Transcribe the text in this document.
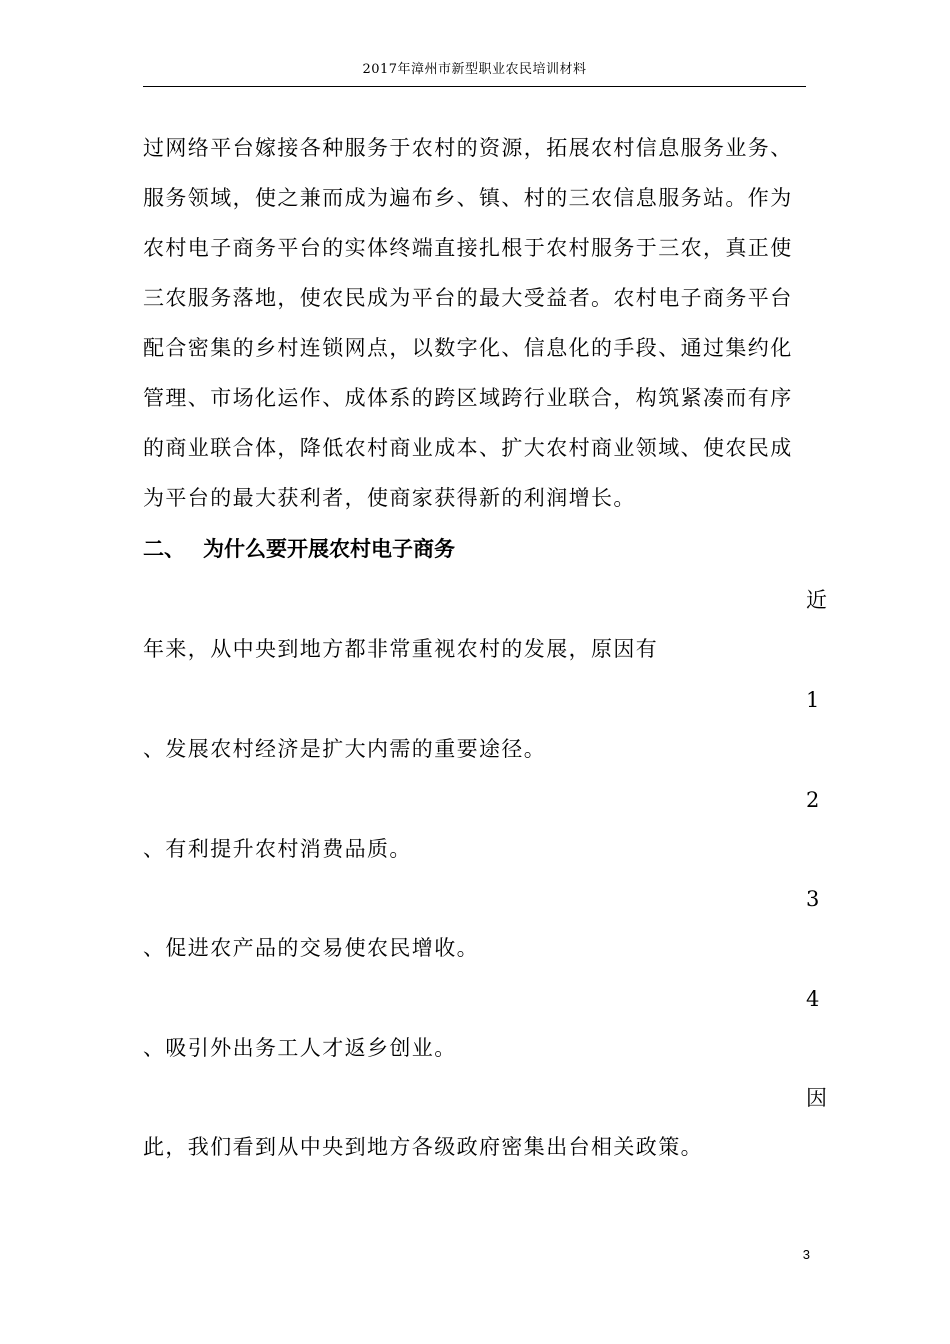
2017年漳州市新型职业农民培训材料
过网络平台嫁接各种服务于农村的资源，拓展农村信息服务业务、
服务领域，使之兼而成为遍布乡、镇、村的三农信息服务站。作为
农村电子商务平台的实体终端直接扎根于农村服务于三农，真正使
三农服务落地，使农民成为平台的最大受益者。农村电子商务平台
配合密集的乡村连锁网点，以数字化、信息化的手段、通过集约化
管理、市场化运作、成体系的跨区域跨行业联合，构筑紧凑而有序
的商业联合体，降低农村商业成本、扩大农村商业领域、使农民成
为平台的最大获利者，使商家获得新的利润增长。
二、 为什么要开展农村电子商务
近
年来，从中央到地方都非常重视农村的发展，原因有
1
、发展农村经济是扩大内需的重要途径。
2
、有利提升农村消费品质。
3
、促进农产品的交易使农民增收。
4
、吸引外出务工人才返乡创业。
因
此，我们看到从中央到地方各级政府密集出台相关政策。
3
